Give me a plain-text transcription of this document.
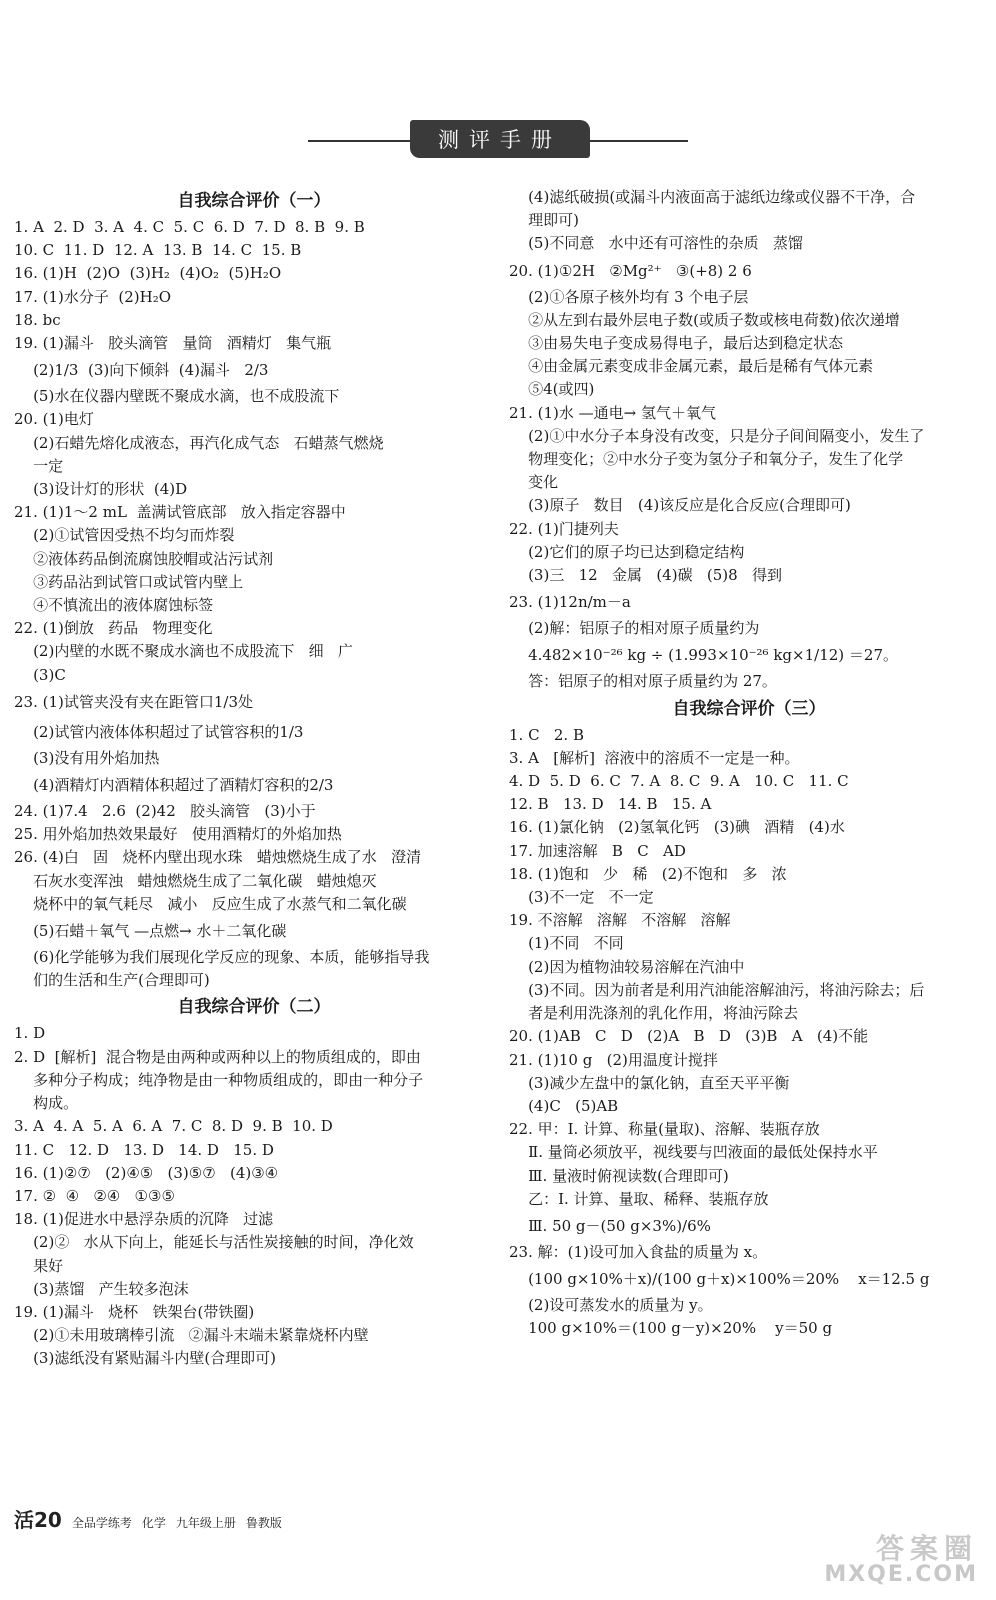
测评手册
自我综合评价（一）
1. A  2. D  3. A  4. C  5. C  6. D  7. D  8. B  9. B
10. C  11. D  12. A  13. B  14. C  15. B
16. (1)H  (2)O  (3)H₂  (4)O₂  (5)H₂O
17. (1)水分子  (2)H₂O
18. bc
19. (1)漏斗   胶头滴管   量筒   酒精灯   集气瓶
(2)1/3  (3)向下倾斜  (4)漏斗   2/3
(5)水在仪器内壁既不聚成水滴，也不成股流下
20. (1)电灯
(2)石蜡先熔化成液态，再汽化成气态   石蜡蒸气燃烧
一定
(3)设计灯的形状  (4)D
21. (1)1～2 mL  盖满试管底部   放入指定容器中
(2)①试管因受热不均匀而炸裂
②液体药品倒流腐蚀胶帽或沾污试剂
③药品沾到试管口或试管内壁上
④不慎流出的液体腐蚀标签
22. (1)倒放   药品   物理变化
(2)内壁的水既不聚成水滴也不成股流下   细   广
(3)C
23. (1)试管夹没有夹在距管口1/3处
(2)试管内液体体积超过了试管容积的1/3
(3)没有用外焰加热
(4)酒精灯内酒精体积超过了酒精灯容积的2/3
24. (1)7.4   2.6  (2)42   胶头滴管   (3)小于
25. 用外焰加热效果最好   使用酒精灯的外焰加热
26. (4)白   固   烧杯内壁出现水珠   蜡烛燃烧生成了水   澄清
石灰水变浑浊   蜡烛燃烧生成了二氧化碳   蜡烛熄灭
烧杯中的氧气耗尽   减小   反应生成了水蒸气和二氧化碳
(5)石蜡＋氧气 —点燃→ 水＋二氧化碳
(6)化学能够为我们展现化学反应的现象、本质，能够指导我
们的生活和生产(合理即可)
自我综合评价（二）
1. D
2. D  [解析]  混合物是由两种或两种以上的物质组成的，即由
多种分子构成；纯净物是由一种物质组成的，即由一种分子
构成。
3. A  4. A  5. A  6. A  7. C  8. D  9. B  10. D
11. C   12. D   13. D   14. D   15. D
16. (1)②⑦   (2)④⑤   (3)⑤⑦   (4)③④
17. ②  ④   ②④   ①③⑤
18. (1)促进水中悬浮杂质的沉降   过滤
(2)②   水从下向上，能延长与活性炭接触的时间，净化效
果好
(3)蒸馏   产生较多泡沫
19. (1)漏斗   烧杯   铁架台(带铁圈)
(2)①未用玻璃棒引流   ②漏斗末端未紧靠烧杯内壁
(3)滤纸没有紧贴漏斗内壁(合理即可)
(4)滤纸破损(或漏斗内液面高于滤纸边缘或仪器不干净，合
理即可)
(5)不同意   水中还有可溶性的杂质   蒸馏
20. (1)①2H   ②Mg²⁺   ③(+8) 2 6
(2)①各原子核外均有 3 个电子层
②从左到右最外层电子数(或质子数或核电荷数)依次递增
③由易失电子变成易得电子，最后达到稳定状态
④由金属元素变成非金属元素，最后是稀有气体元素
⑤4(或四)
21. (1)水 —通电→ 氢气＋氧气
(2)①中水分子本身没有改变，只是分子间间隔变小，发生了
物理变化；②中水分子变为氢分子和氧分子，发生了化学
变化
(3)原子   数目   (4)该反应是化合反应(合理即可)
22. (1)门捷列夫
(2)它们的原子均已达到稳定结构
(3)三   12   金属   (4)碳   (5)8   得到
23. (1)12n/m－a
(2)解：铝原子的相对原子质量约为
4.482×10⁻²⁶ kg ÷ (1.993×10⁻²⁶ kg×1/12) ＝27。
答：铝原子的相对原子质量约为 27。
自我综合评价（三）
1. C   2. B
3. A   [解析]  溶液中的溶质不一定是一种。
4. D  5. D  6. C  7. A  8. C  9. A   10. C   11. C
12. B   13. D   14. B   15. A
16. (1)氯化钠   (2)氢氧化钙   (3)碘   酒精   (4)水
17. 加速溶解   B   C   AD
18. (1)饱和   少   稀   (2)不饱和   多   浓
(3)不一定   不一定
19. 不溶解   溶解   不溶解   溶解
(1)不同   不同
(2)因为植物油较易溶解在汽油中
(3)不同。因为前者是利用汽油能溶解油污，将油污除去；后
者是利用洗涤剂的乳化作用，将油污除去
20. (1)AB   C   D   (2)A   B   D   (3)B   A   (4)不能
21. (1)10 g   (2)用温度计搅拌
(3)减少左盘中的氯化钠，直至天平平衡
(4)C   (5)AB
22. 甲：Ⅰ. 计算、称量(量取)、溶解、装瓶存放
Ⅱ. 量筒必须放平，视线要与凹液面的最低处保持水平
Ⅲ. 量液时俯视读数(合理即可)
乙：Ⅰ. 计算、量取、稀释、装瓶存放
Ⅲ. 50 g－(50 g×3%)/6%
23. 解：(1)设可加入食盐的质量为 x。
(100 g×10%＋x)/(100 g＋x)×100%＝20%    x＝12.5 g
(2)设可蒸发水的质量为 y。
100 g×10%＝(100 g－y)×20%    y＝50 g
活20 全品学练考 化学 九年级上册 鲁教版
答案圈
MXQE.COM
